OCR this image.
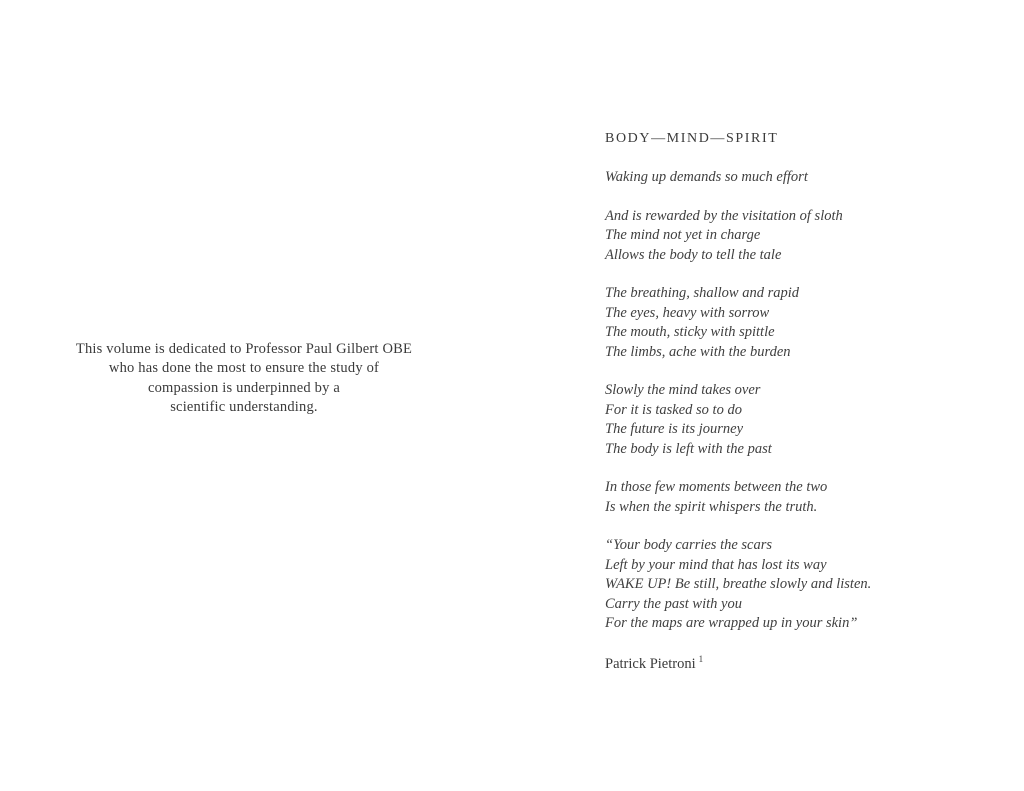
This volume is dedicated to Professor Paul Gilbert OBE
who has done the most to ensure the study of
compassion is underpinned by a
scientific understanding.
BODY—MIND—SPIRIT
Waking up demands so much effort
And is rewarded by the visitation of sloth
The mind not yet in charge
Allows the body to tell the tale
The breathing, shallow and rapid
The eyes, heavy with sorrow
The mouth, sticky with spittle
The limbs, ache with the burden
Slowly the mind takes over
For it is tasked so to do
The future is its journey
The body is left with the past
In those few moments between the two
Is when the spirit whispers the truth.
“Your body carries the scars
Left by your mind that has lost its way
WAKE UP! Be still, breathe slowly and listen.
Carry the past with you
For the maps are wrapped up in your skin”
Patrick Pietroni $^1$
